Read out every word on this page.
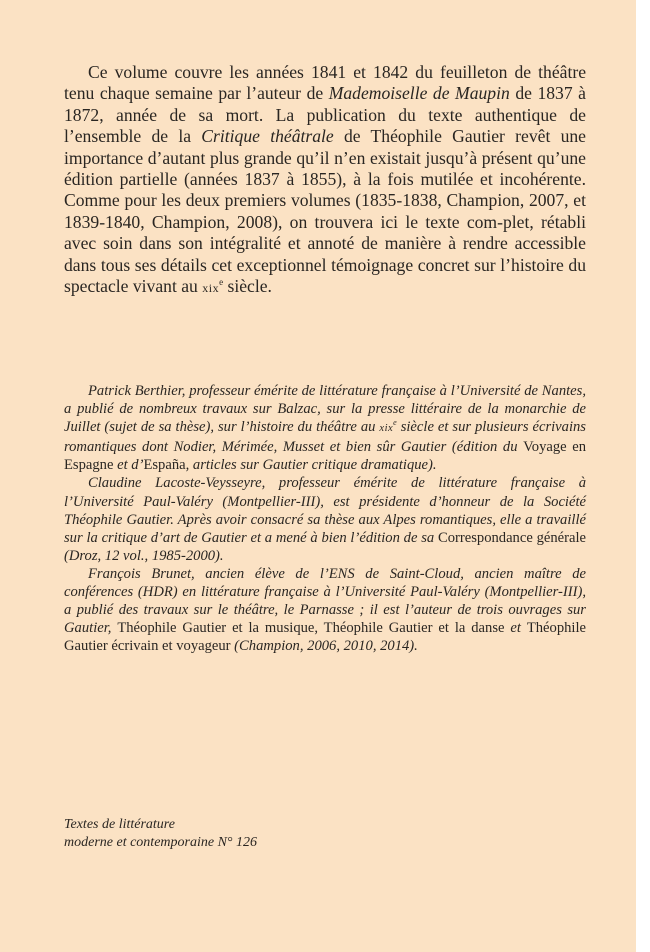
Ce volume couvre les années 1841 et 1842 du feuilleton de théâtre tenu chaque semaine par l’auteur de Mademoiselle de Maupin de 1837 à 1872, année de sa mort. La publication du texte authentique de l’ensemble de la Critique théâtrale de Théophile Gautier revêt une importance d’autant plus grande qu’il n’en existait jusqu’à présent qu’une édition partielle (années 1837 à 1855), à la fois mutilée et incohérente. Comme pour les deux premiers volumes (1835-1838, Champion, 2007, et 1839-1840, Champion, 2008), on trouvera ici le texte com-plet, rétabli avec soin dans son intégralité et annoté de manière à rendre accessible dans tous ses détails cet exceptionnel témoignage concret sur l’histoire du spectacle vivant au xix$^e$ siècle.

Patrick Berthier, professeur émérite de littérature française à l’Université de Nantes, a publié de nombreux travaux sur Balzac, sur la presse littéraire de la monarchie de Juillet (sujet de sa thèse), sur l’histoire du théâtre au xix$^e$ siècle et sur plusieurs écrivains romantiques dont Nodier, Mérimée, Musset et bien sûr Gautier (édition du Voyage en Espagne et d’España, articles sur Gautier critique dramatique).

Claudine Lacoste-Veysseyre, professeur émérite de littérature française à l’Université Paul-Valéry (Montpellier-III), est présidente d’honneur de la Société Théophile Gautier. Après avoir consacré sa thèse aux Alpes romantiques, elle a travaillé sur la critique d’art de Gautier et a mené à bien l’édition de sa Correspondance générale (Droz, 12 vol., 1985-2000).

François Brunet, ancien élève de l’ENS de Saint-Cloud, ancien maître de conférences (HDR) en littérature française à l’Université Paul-Valéry (Montpellier-III), a publié des travaux sur le théâtre, le Parnasse ; il est l’auteur de trois ouvrages sur Gautier, Théophile Gautier et la musique, Théophile Gautier et la danse et Théophile Gautier écrivain et voyageur (Champion, 2006, 2010, 2014).

Textes de littérature
moderne et contemporaine N° 126
